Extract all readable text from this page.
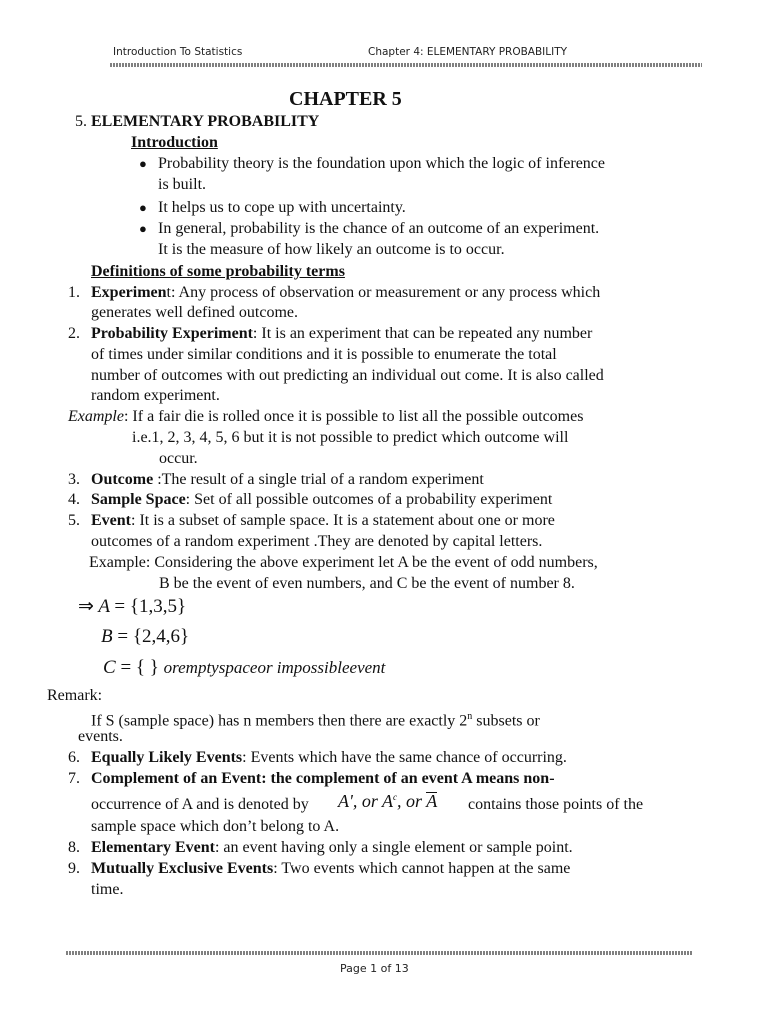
Introduction To Statistics	Chapter 4: ELEMENTARY PROBABILITY
CHAPTER 5
5. ELEMENTARY PROBABILITY
Introduction
● Probability theory is the foundation upon which the logic of inference
is built.
● It helps us to cope up with uncertainty.
● In general, probability is the chance of an outcome of an experiment.
It is the measure of how likely an outcome is to occur.
Definitions of some probability terms
1. Experiment: Any process of observation or measurement or any process which
generates well defined outcome.
2. Probability Experiment: It is an experiment that can be repeated any number
of times under similar conditions and it is possible to enumerate the total
number of outcomes with out predicting an individual out come. It is also called
random experiment.
Example: If a fair die is rolled once it is possible to list all the possible outcomes
i.e.1, 2, 3, 4, 5, 6 but it is not possible to predict which outcome will
occur.
3. Outcome :The result of a single trial of a random experiment
4. Sample Space: Set of all possible outcomes of a probability experiment
5. Event: It is a subset of sample space. It is a statement about one or more
outcomes of a random experiment .They are denoted by capital letters.
Example: Considering the above experiment let A be the event of odd numbers,
B be the event of even numbers, and C be the event of number 8.
⇒ A = {1,3,5}
B = {2,4,6}
C = { } oremptyspaceor impossibleevent
Remark:
If S (sample space) has n members then there are exactly 2$^n$ subsets or
events.
6. Equally Likely Events: Events which have the same chance of occurring.
7. Complement of an Event: the complement of an event A means non-
occurrence of A and is denoted by A', or $A^c$, or A contains those points of the
sample space which don’t belong to A.
8. Elementary Event: an event having only a single element or sample point.
9. Mutually Exclusive Events: Two events which cannot happen at the same
time.
Page 1 of 13
